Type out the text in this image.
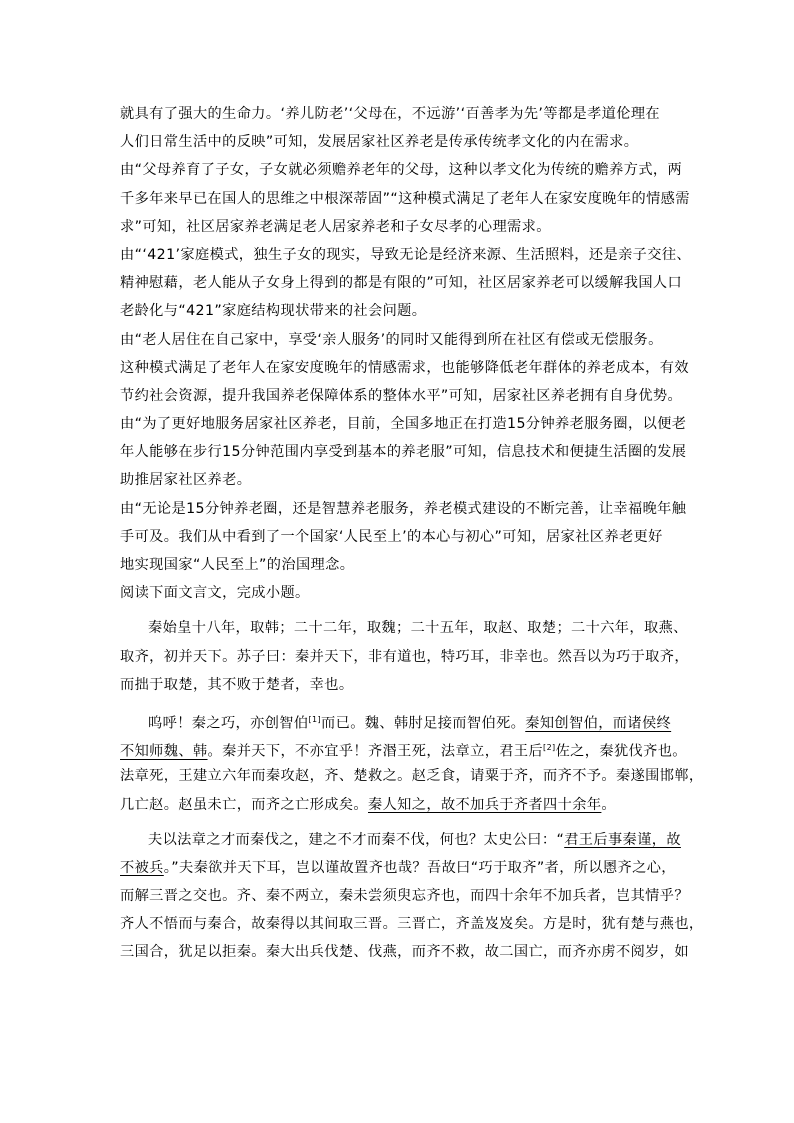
就具有了强大的生命力。‘养儿防老’‘父母在，不远游’‘百善孝为先’等都是孝道伦理在
人们日常生活中的反映”可知，发展居家社区养老是传承传统孝文化的内在需求。
由“父母养育了子女，子女就必须赡养老年的父母，这种以孝文化为传统的赡养方式，两
千多年来早已在国人的思维之中根深蒂固”“这种模式满足了老年人在家安度晚年的情感需
求”可知，社区居家养老满足老人居家养老和子女尽孝的心理需求。
由“‘421’家庭模式，独生子女的现实，导致无论是经济来源、生活照料，还是亲子交往、
精神慰藉，老人能从子女身上得到的都是有限的”可知，社区居家养老可以缓解我国人口
老龄化与“421”家庭结构现状带来的社会问题。
由“老人居住在自己家中，享受‘亲人服务’的同时又能得到所在社区有偿或无偿服务。
这种模式满足了老年人在家安度晚年的情感需求，也能够降低老年群体的养老成本，有效
节约社会资源，提升我国养老保障体系的整体水平”可知，居家社区养老拥有自身优势。
由“为了更好地服务居家社区养老，目前，全国多地正在打造15分钟养老服务圈，以便老
年人能够在步行15分钟范围内享受到基本的养老服”可知，信息技术和便捷生活圈的发展
助推居家社区养老。
由“无论是15分钟养老圈，还是智慧养老服务，养老模式建设的不断完善，让幸福晚年触
手可及。我们从中看到了一个国家‘人民至上’的本心与初心”可知，居家社区养老更好
地实现国家“人民至上”的治国理念。
阅读下面文言文，完成小题。
秦始皇十八年，取韩；二十二年，取魏；二十五年，取赵、取楚；二十六年，取燕、
取齐，初并天下。苏子曰：秦并天下，非有道也，特巧耳，非幸也。然吾以为巧于取齐，
而拙于取楚，其不败于楚者，幸也。
呜呼！秦之巧，亦创智伯[1]而已。魏、韩肘足接而智伯死。秦知创智伯，而诸侯终
不知师魏、韩。秦并天下，不亦宜乎！齐湣王死，法章立，君王后[2]佐之，秦犹伐齐也。
法章死，王建立六年而秦攻赵，齐、楚救之。赵乏食，请粟于齐，而齐不予。秦遂围邯郸，
几亡赵。赵虽未亡，而齐之亡形成矣。秦人知之，故不加兵于齐者四十余年。
夫以法章之才而秦伐之，建之不才而秦不伐，何也？太史公曰：“君王后事秦谨，故
不被兵。”夫秦欲并天下耳，岂以谨故置齐也哉？吾故曰“巧于取齐”者，所以慁齐之心，
而解三晋之交也。齐、秦不两立，秦未尝须臾忘齐也，而四十余年不加兵者，岂其情乎？
齐人不悟而与秦合，故秦得以其间取三晋。三晋亡，齐盖岌岌矣。方是时，犹有楚与燕也，
三国合，犹足以拒秦。秦大出兵伐楚、伐燕，而齐不救，故二国亡，而齐亦虏不阅岁，如
